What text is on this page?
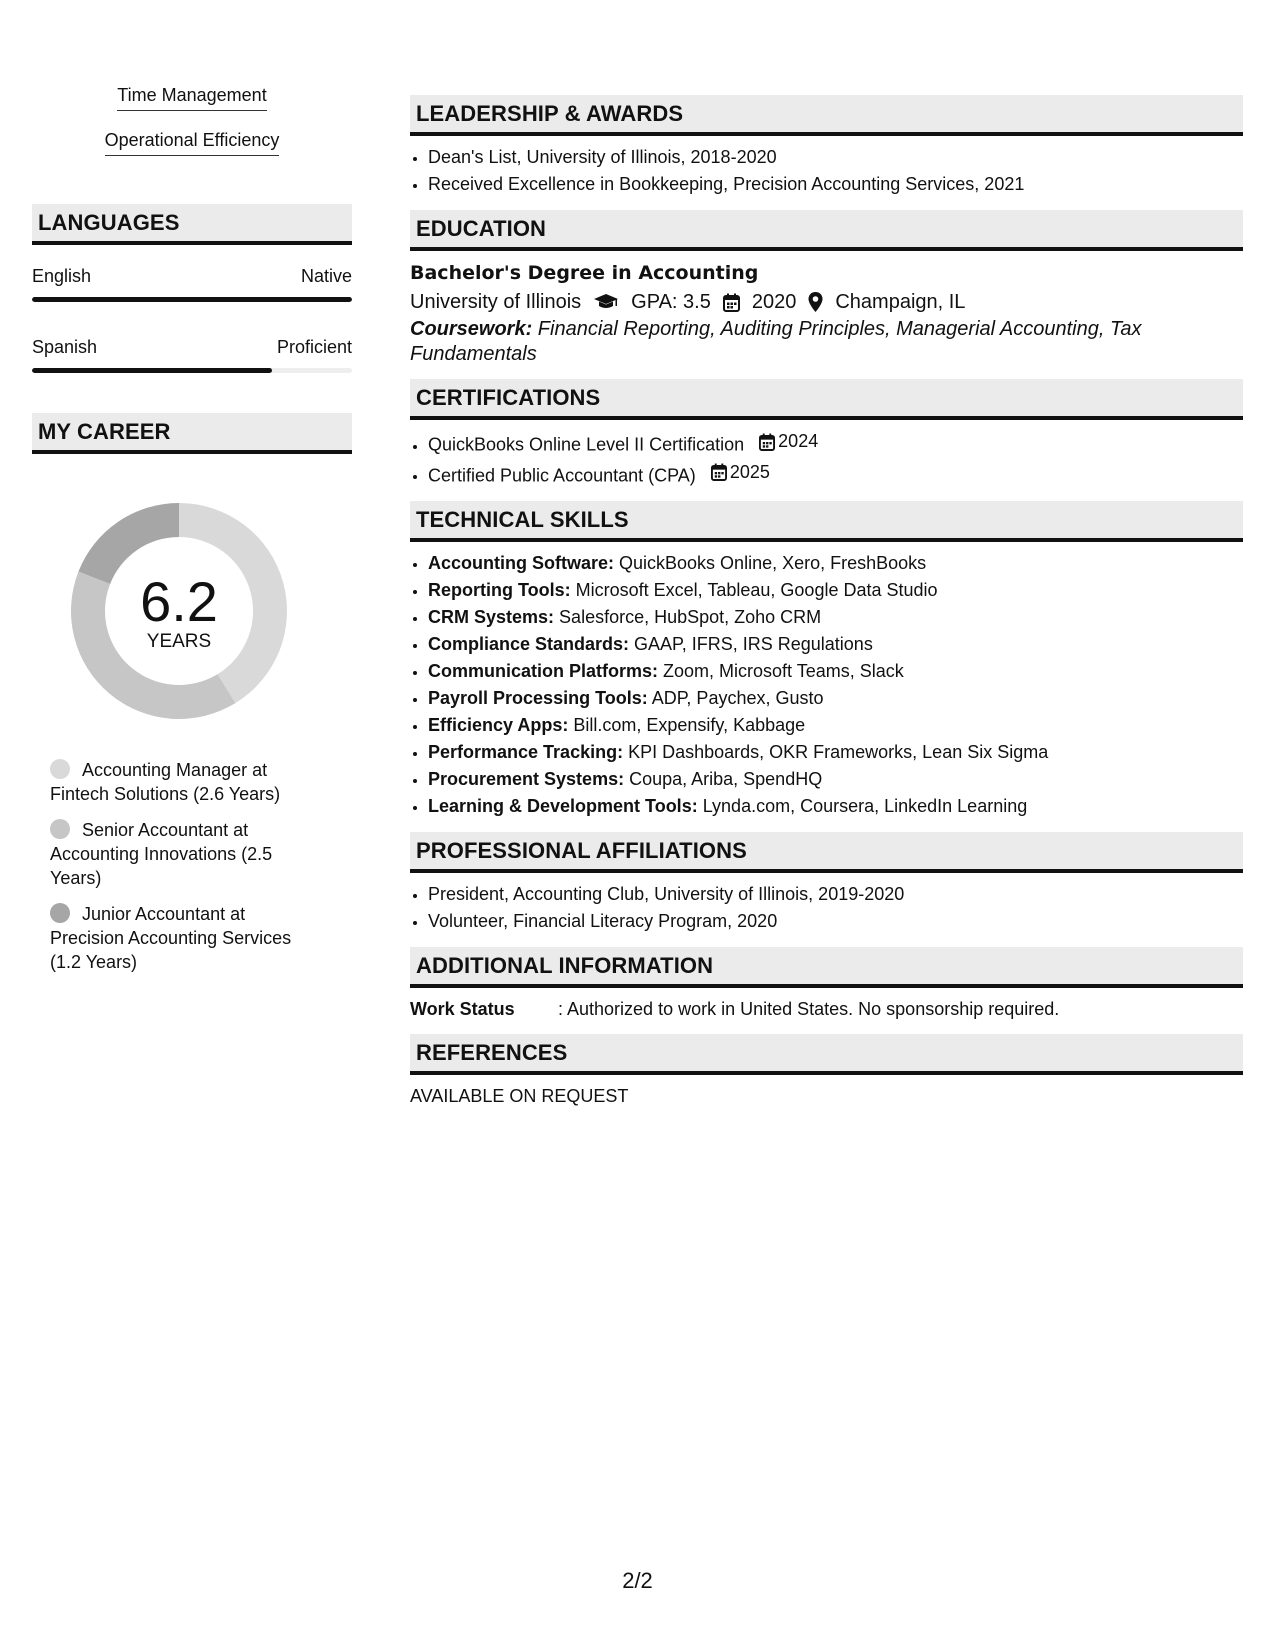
Time Management
Operational Efficiency
LANGUAGES
English	Native
Spanish	Proficient
MY CAREER
6.2
YEARS
Accounting Manager at Fintech Solutions (2.6 Years)
Senior Accountant at Accounting Innovations (2.5 Years)
Junior Accountant at Precision Accounting Services (1.2 Years)
LEADERSHIP & AWARDS
• Dean's List, University of Illinois, 2018-2020
• Received Excellence in Bookkeeping, Precision Accounting Services, 2021
EDUCATION
Bachelor's Degree in Accounting
University of Illinois	GPA: 3.5 2020 Champaign, IL
Coursework: Financial Reporting, Auditing Principles, Managerial Accounting, Tax Fundamentals
CERTIFICATIONS
• QuickBooks Online Level II Certification 2024
• Certified Public Accountant (CPA) 2025
TECHNICAL SKILLS
• Accounting Software: QuickBooks Online, Xero, FreshBooks
• Reporting Tools: Microsoft Excel, Tableau, Google Data Studio
• CRM Systems: Salesforce, HubSpot, Zoho CRM
• Compliance Standards: GAAP, IFRS, IRS Regulations
• Communication Platforms: Zoom, Microsoft Teams, Slack
• Payroll Processing Tools: ADP, Paychex, Gusto
• Efficiency Apps: Bill.com, Expensify, Kabbage
• Performance Tracking: KPI Dashboards, OKR Frameworks, Lean Six Sigma
• Procurement Systems: Coupa, Ariba, SpendHQ
• Learning & Development Tools: Lynda.com, Coursera, LinkedIn Learning
PROFESSIONAL AFFILIATIONS
• President, Accounting Club, University of Illinois, 2019-2020
• Volunteer, Financial Literacy Program, 2020
ADDITIONAL INFORMATION
Work Status	: Authorized to work in United States. No sponsorship required.
REFERENCES
AVAILABLE ON REQUEST
2/2
